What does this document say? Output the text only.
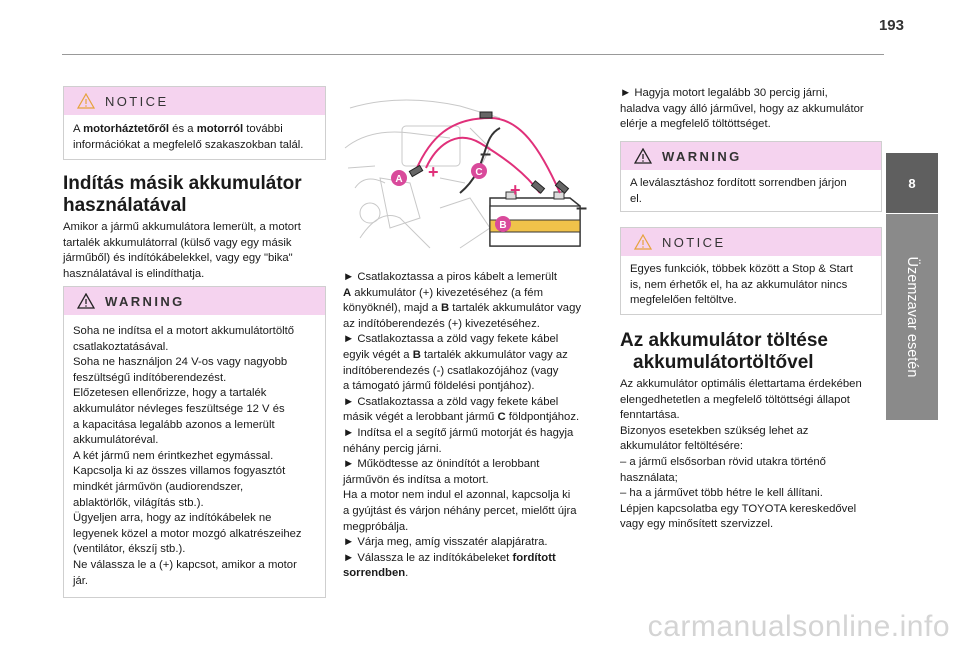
193
8
Üzemzavar esetén
NOTICE

A motorháztetőről és a motorról további

információkat a megfelelő szakaszokban talál.

Indítás másik akkumulátor
használatával

Amikor a jármű akkumulátora lemerült, a motort

tartalék akkumulátorral (külső vagy egy másik

járműből) és indítókábelekkel, vagy egy "bika"

használatával is elindíthatja.

WARNING

Soha ne indítsa el a motort akkumulátortöltő

csatlakoztatásával.

Soha ne használjon 24 V-os vagy nagyobb

feszültségű indítóberendezést.

Előzetesen ellenőrizze, hogy a tartalék

akkumulátor névleges feszültsége 12 V és

a kapacitása legalább azonos a lemerült

akkumulátoréval.

A két jármű nem érintkezhet egymással.

Kapcsolja ki az összes villamos fogyasztót

mindkét járművön (audiorendszer,

ablaktörlők, világítás stb.).

Ügyeljen arra, hogy az indítókábelek ne

legyenek közel a motor mozgó alkatrészeihez

(ventilátor, ékszíj stb.).

Ne válassza le a (+) kapcsot, amikor a motor

jár.

+
+
–
–
A
C
B

► Csatlakoztassa a piros kábelt a lemerült

A akkumulátor (+) kivezetéséhez (a fém

könyöknél), majd a B tartalék akkumulátor vagy

az indítóberendezés (+) kivezetéséhez.

► Csatlakoztassa a zöld vagy fekete kábel

egyik végét a B tartalék akkumulátor vagy az

indítóberendezés (-) csatlakozójához (vagy

a támogató jármű földelési pontjához).

► Csatlakoztassa a zöld vagy fekete kábel

másik végét a lerobbant jármű C földpontjához.

► Indítsa el a segítő jármű motorját és hagyja

néhány percig járni.

► Működtesse az önindítót a lerobbant

járművön és indítsa a motort.

Ha a motor nem indul el azonnal, kapcsolja ki

a gyújtást és várjon néhány percet, mielőtt újra

megpróbálja.

► Várja meg, amíg visszatér alapjáratra.

► Válassza le az indítókábeleket fordított

sorrendben.

► Hagyja motort legalább 30 percig járni,

haladva vagy álló járművel, hogy az akkumulátor

elérje a megfelelő töltöttséget.

WARNING

A leválasztáshoz fordított sorrendben járjon

el.

NOTICE

Egyes funkciók, többek között a Stop & Start

is, nem érhetők el, ha az akkumulátor nincs

megfelelően feltöltve.

Az akkumulátor töltése
akkumulátortöltővel

Az akkumulátor optimális élettartama érdekében

elengedhetetlen a megfelelő töltöttségi állapot

fenntartása.

Bizonyos esetekben szükség lehet az

akkumulátor feltöltésére:

– a jármű elsősorban rövid utakra történő

használata;

– ha a járművet több hétre le kell állítani.

Lépjen kapcsolatba egy TOYOTA kereskedővel

vagy egy minősített szervizzel.

carmanualsonline.info
